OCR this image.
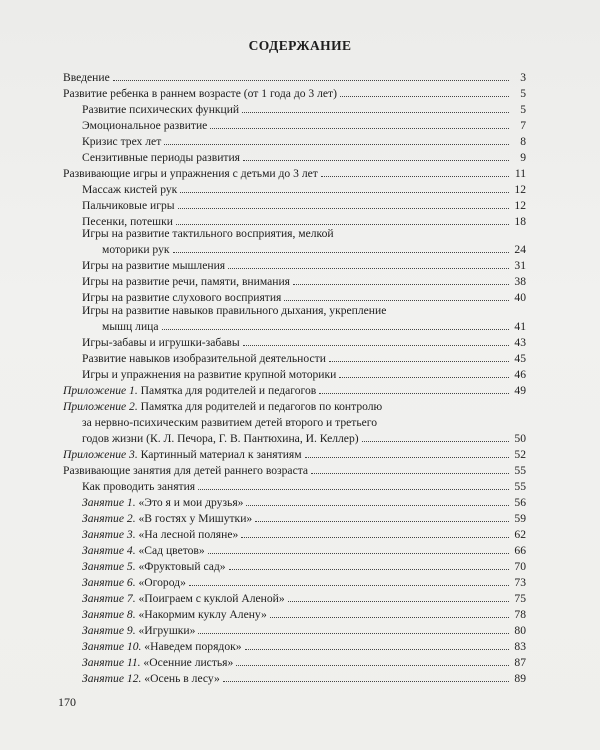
СОДЕРЖАНИЕ
Введение	3
Развитие ребенка в раннем возрасте (от 1 года до 3 лет)	5
Развитие психических функций	5
Эмоциональное развитие	7
Кризис трех лет	8
Сензитивные периоды развития	9
Развивающие игры и упражнения с детьми до 3 лет	11
Массаж кистей рук	12
Пальчиковые игры	12
Песенки, потешки	18
Игры на развитие тактильного восприятия, мелкой
моторики рук	24
Игры на развитие мышления	31
Игры на развитие речи, памяти, внимания	38
Игры на развитие слухового восприятия	40
Игры на развитие навыков правильного дыхания, укрепление
мышц лица	41
Игры-забавы и игрушки-забавы	43
Развитие навыков изобразительной деятельности	45
Игры и упражнения на развитие крупной моторики	46
Приложение 1. Памятка для родителей и педагогов	49
Приложение 2. Памятка для родителей и педагогов по контролю
за нервно-психическим развитием детей второго и третьего
годов жизни (К. Л. Печора, Г. В. Пантюхина, И. Келлер)	50
Приложение 3. Картинный материал к занятиям	52
Развивающие занятия для детей раннего возраста	55
Как проводить занятия	55
Занятие 1. «Это я и мои друзья»	56
Занятие 2. «В гостях у Мишутки»	59
Занятие 3. «На лесной поляне»	62
Занятие 4. «Сад цветов»	66
Занятие 5. «Фруктовый сад»	70
Занятие 6. «Огород»	73
Занятие 7. «Поиграем с куклой Аленой»	75
Занятие 8. «Накормим куклу Алену»	78
Занятие 9. «Игрушки»	80
Занятие 10. «Наведем порядок»	83
Занятие 11. «Осенние листья»	87
Занятие 12. «Осень в лесу»	89
170
